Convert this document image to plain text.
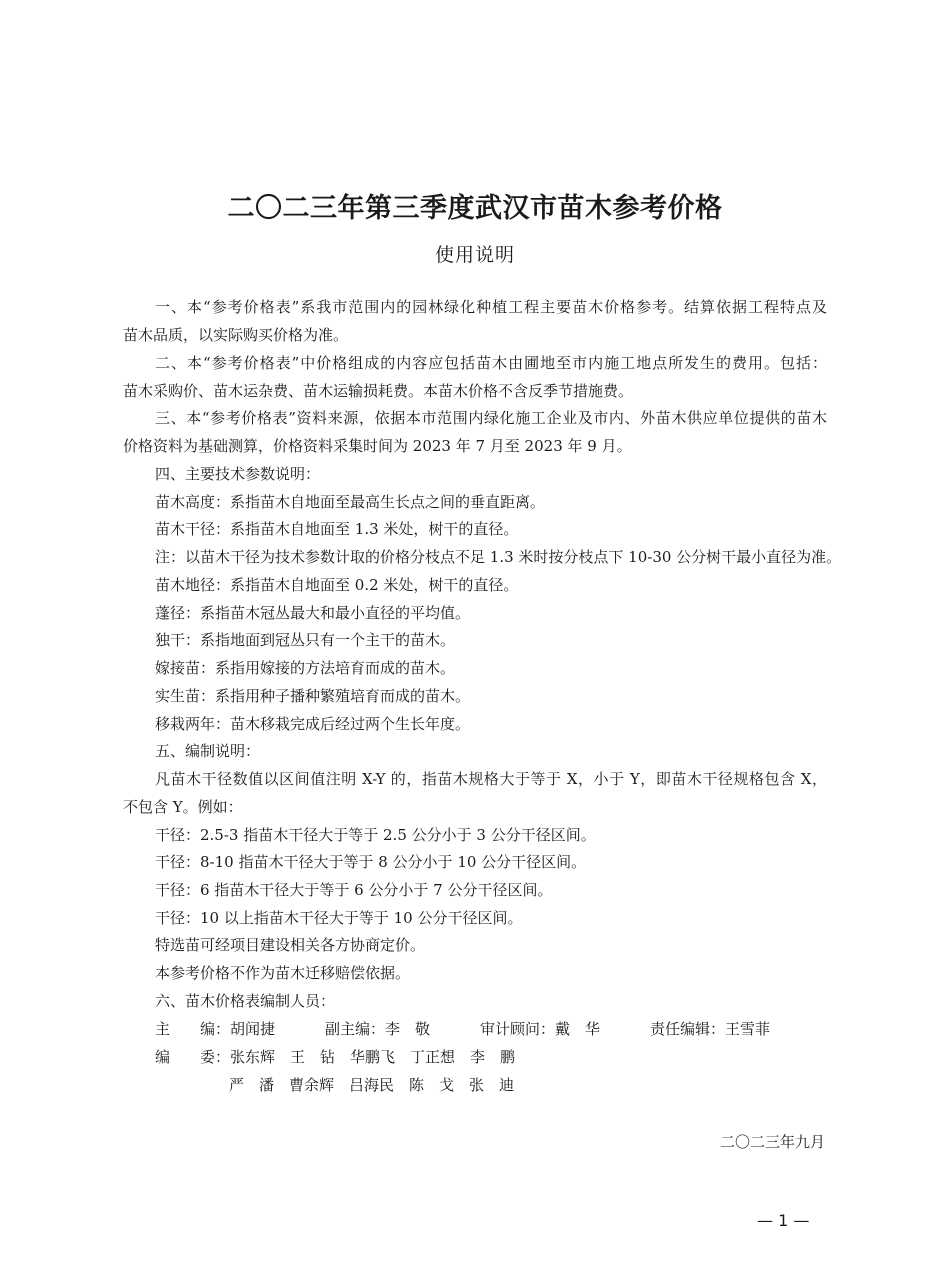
二〇二三年第三季度武汉市苗木参考价格
使用说明
一、本“参考价格表”系我市范围内的园林绿化种植工程主要苗木价格参考。结算依据工程特点及
苗木品质，以实际购买价格为准。
二、本“参考价格表”中价格组成的内容应包括苗木由圃地至市内施工地点所发生的费用。包括：
苗木采购价、苗木运杂费、苗木运输损耗费。本苗木价格不含反季节措施费。
三、本“参考价格表”资料来源，依据本市范围内绿化施工企业及市内、外苗木供应单位提供的苗木
价格资料为基础测算，价格资料采集时间为 2023 年 7 月至 2023 年 9 月。
四、主要技术参数说明：
苗木高度：系指苗木自地面至最高生长点之间的垂直距离。
苗木干径：系指苗木自地面至 1.3 米处，树干的直径。
注：以苗木干径为技术参数计取的价格分枝点不足 1.3 米时按分枝点下 10-30 公分树干最小直径为准。
苗木地径：系指苗木自地面至 0.2 米处，树干的直径。
蓬径：系指苗木冠丛最大和最小直径的平均值。
独干：系指地面到冠丛只有一个主干的苗木。
嫁接苗：系指用嫁接的方法培育而成的苗木。
实生苗：系指用种子播种繁殖培育而成的苗木。
移栽两年：苗木移栽完成后经过两个生长年度。
五、编制说明：
凡苗木干径数值以区间值注明 X-Y 的，指苗木规格大于等于 X，小于 Y，即苗木干径规格包含 X，
不包含 Y。例如：
干径：2.5-3 指苗木干径大于等于 2.5 公分小于 3 公分干径区间。
干径：8-10 指苗木干径大于等于 8 公分小于 10 公分干径区间。
干径：6 指苗木干径大于等于 6 公分小于 7 公分干径区间。
干径：10 以上指苗木干径大于等于 10 公分干径区间。
特选苗可经项目建设相关各方协商定价。
本参考价格不作为苗木迁移赔偿依据。
六、苗木价格表编制人员：
主　　编：胡闻捷	副主编：李　敬	审计顾问：戴　华	责任编辑：王雪菲
编　　委：张东辉　王　钻　华鹏飞　丁正想　李　鹏
严　潘　曹余辉　吕海民　陈　戈　张　迪
二〇二三年九月
— 1 —
